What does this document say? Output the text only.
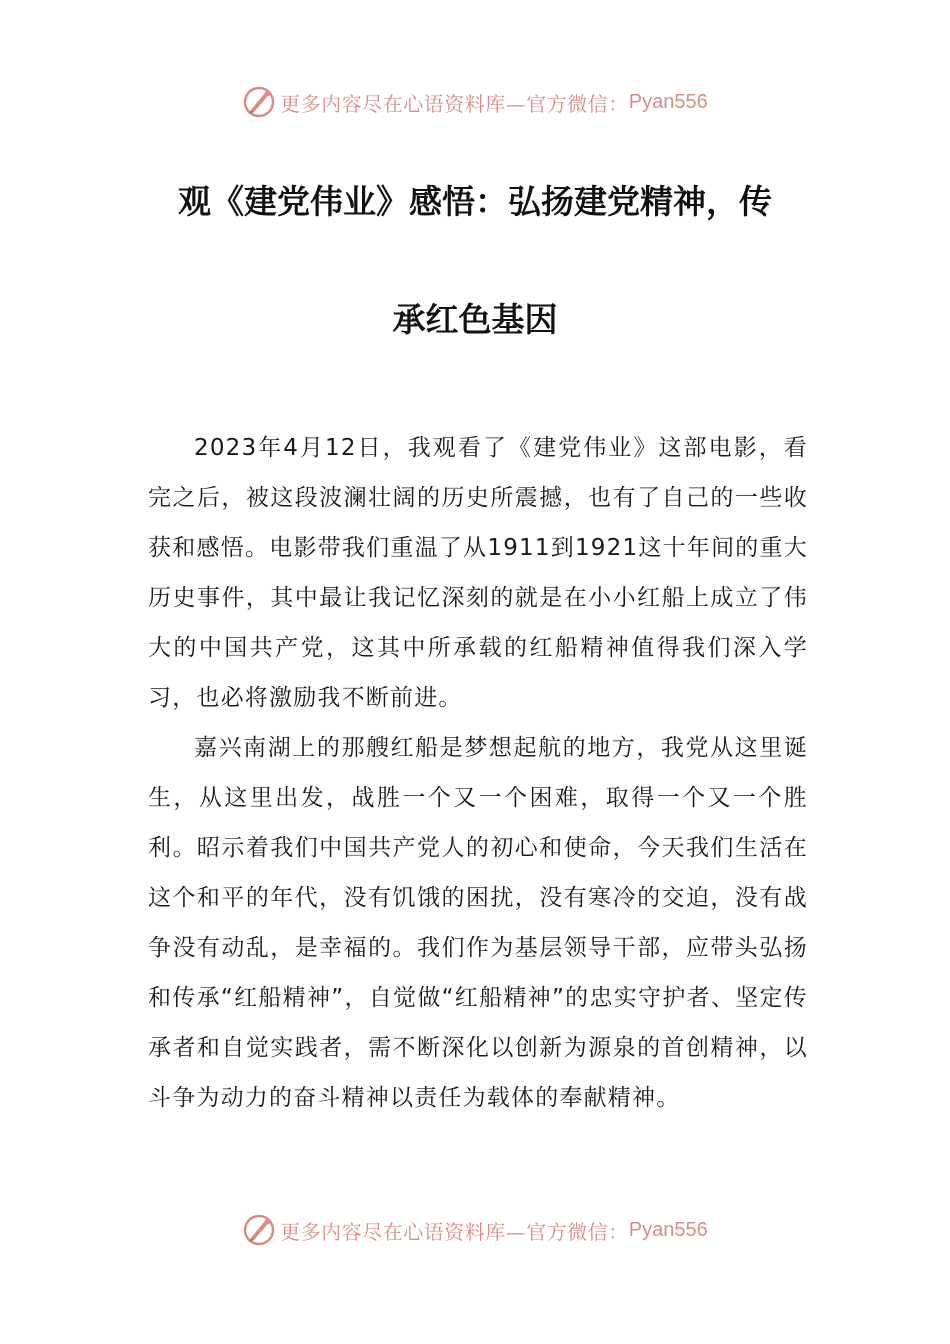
更多内容尽在心语资料库—官方微信： Pyan556
观《建党伟业》感悟：弘扬建党精神，传
承红色基因

2023年4月12日，我观看了《建党伟业》这部电影，看完之后，被这段波澜壮阔的历史所震撼，也有了自己的一些收获和感悟。电影带我们重温了从1911到1921这十年间的重大历史事件，其中最让我记忆深刻的就是在小小红船上成立了伟大的中国共产党，这其中所承载的红船精神值得我们深入学习，也必将激励我不断前进。

嘉兴南湖上的那艘红船是梦想起航的地方，我党从这里诞生，从这里出发，战胜一个又一个困难，取得一个又一个胜利。昭示着我们中国共产党人的初心和使命，今天我们生活在这个和平的年代，没有饥饿的困扰，没有寒冷的交迫，没有战争没有动乱，是幸福的。我们作为基层领导干部，应带头弘扬和传承“红船精神”，自觉做“红船精神”的忠实守护者、坚定传承者和自觉实践者，需不断深化以创新为源泉的首创精神，以斗争为动力的奋斗精神以责任为载体的奉献精神。

更多内容尽在心语资料库—官方微信： Pyan556
